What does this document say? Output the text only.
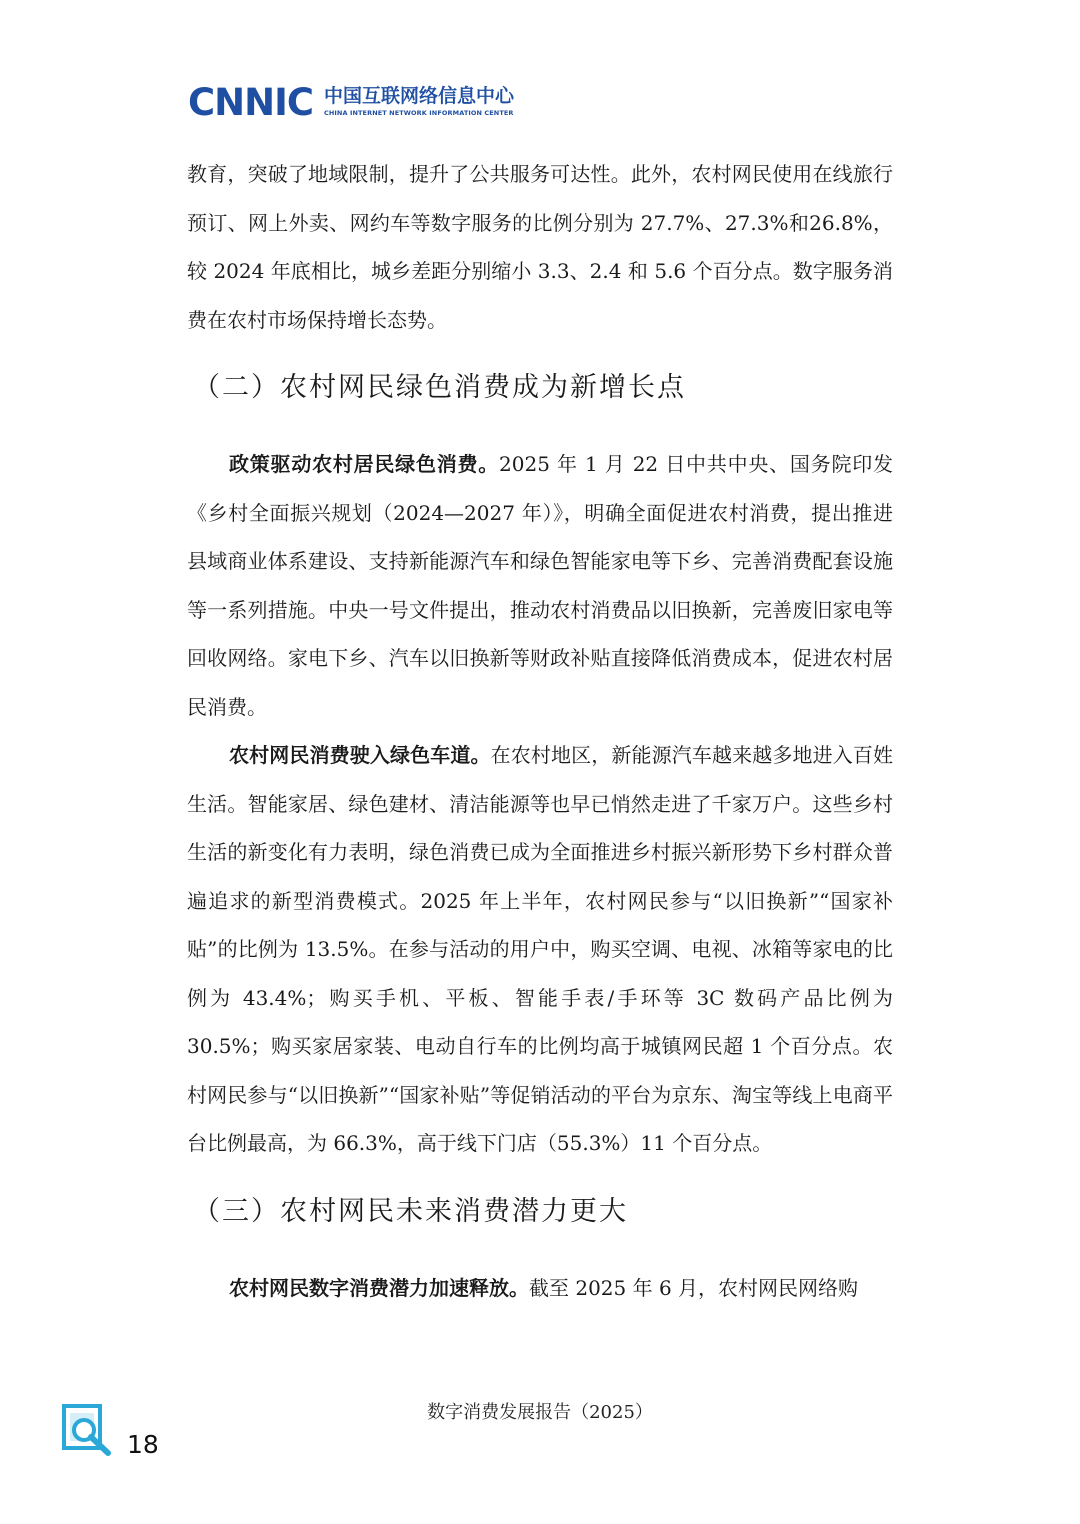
CNNIC 中国互联网络信息中心
CHINA INTERNET NETWORK INFORMATION CENTER

教育，突破了地域限制，提升了公共服务可达性。此外，农村网民使用在线旅行预订、网上外卖、网约车等数字服务的比例分别为 27.7%、27.3%和26.8%，较 2024 年底相比，城乡差距分别缩小 3.3、2.4 和 5.6 个百分点。数字服务消费在农村市场保持增长态势。

（二）农村网民绿色消费成为新增长点

政策驱动农村居民绿色消费。2025 年 1 月 22 日中共中央、国务院印发《乡村全面振兴规划（2024—2027 年）》，明确全面促进农村消费，提出推进县域商业体系建设、支持新能源汽车和绿色智能家电等下乡、完善消费配套设施等一系列措施。中央一号文件提出，推动农村消费品以旧换新，完善废旧家电等回收网络。家电下乡、汽车以旧换新等财政补贴直接降低消费成本，促进农村居民消费。

农村网民消费驶入绿色车道。在农村地区，新能源汽车越来越多地进入百姓生活。智能家居、绿色建材、清洁能源等也早已悄然走进了千家万户。这些乡村生活的新变化有力表明，绿色消费已成为全面推进乡村振兴新形势下乡村群众普遍追求的新型消费模式。2025 年上半年，农村网民参与“以旧换新”“国家补贴”的比例为 13.5%。在参与活动的用户中，购买空调、电视、冰箱等家电的比例为 43.4%；购买手机、平板、智能手表/手环等 3C 数码产品比例为 30.5%；购买家居家装、电动自行车的比例均高于城镇网民超 1 个百分点。农村网民参与“以旧换新”“国家补贴”等促销活动的平台为京东、淘宝等线上电商平台比例最高，为 66.3%，高于线下门店（55.3%）11 个百分点。

（三）农村网民未来消费潜力更大

农村网民数字消费潜力加速释放。截至 2025 年 6 月，农村网民网络购

数字消费发展报告（2025）
18
